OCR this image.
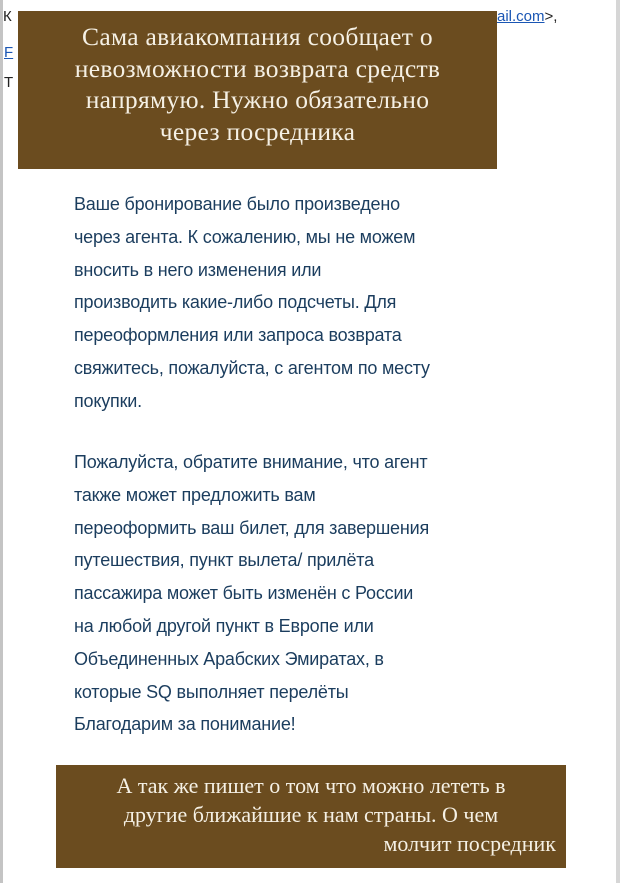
К	ail.com>,
F
T
Сама авиакомпания сообщает о
невозможности возврата средств
напрямую. Нужно обязательно
через посредника
Ваше бронирование было произведено
через агента. К сожалению, мы не можем
вносить в него изменения или
производить какие-либо подсчеты. Для
переоформления или запроса возврата
свяжитесь, пожалуйста, с агентом по месту
покупки.
Пожалуйста, обратите внимание, что агент
также может предложить вам
переоформить ваш билет, для завершения
путешествия, пункт вылета/ прилёта
пассажира может быть изменён с России
на любой другой пункт в Европе или
Объединенных Арабских Эмиратах, в
которые SQ выполняет перелёты
Благодарим за понимание!
А так же пишет о том что можно лететь в
другие ближайшие к нам страны. О чем
молчит посредник
